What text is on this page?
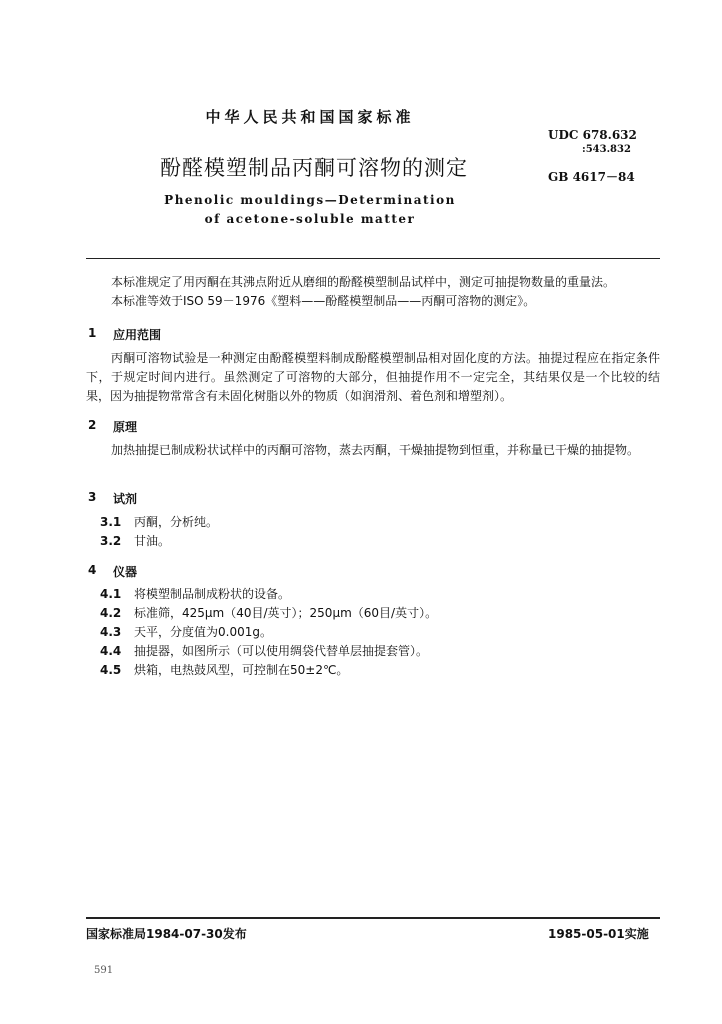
中华人民共和国国家标准
UDC 678.632
:543.832
GB 4617－84
酚醛模塑制品丙酮可溶物的测定
Phenolic mouldings—Determination
of acetone-soluble matter

本标准规定了用丙酮在其沸点附近从磨细的酚醛模塑制品试样中，测定可抽提物数量的重量法。

本标准等效于ISO 59－1976《塑料——酚醛模塑制品——丙酮可溶物的测定》。

1 应用范围

丙酮可溶物试验是一种测定由酚醛模塑料制成酚醛模塑制品相对固化度的方法。抽提过程应在指定条件下，于规定时间内进行。虽然测定了可溶物的大部分，但抽提作用不一定完全，其结果仅是一个比较的结果，因为抽提物常常含有未固化树脂以外的物质（如润滑剂、着色剂和增塑剂）。

2 原理

加热抽提已制成粉状试样中的丙酮可溶物，蒸去丙酮，干燥抽提物到恒重，并称量已干燥的抽提物。

3 试剂
3.1 丙酮，分析纯。
3.2 甘油。
4 仪器
4.1 将模塑制品制成粉状的设备。
4.2 标准筛，425μm（40目/英寸）；250μm（60目/英寸）。
4.3 天平，分度值为0.001g。
4.4 抽提器，如图所示（可以使用绸袋代替单层抽提套管）。
4.5 烘箱，电热鼓风型，可控制在50±2℃。
国家标准局1984-07-30发布	1985-05-01实施
591
